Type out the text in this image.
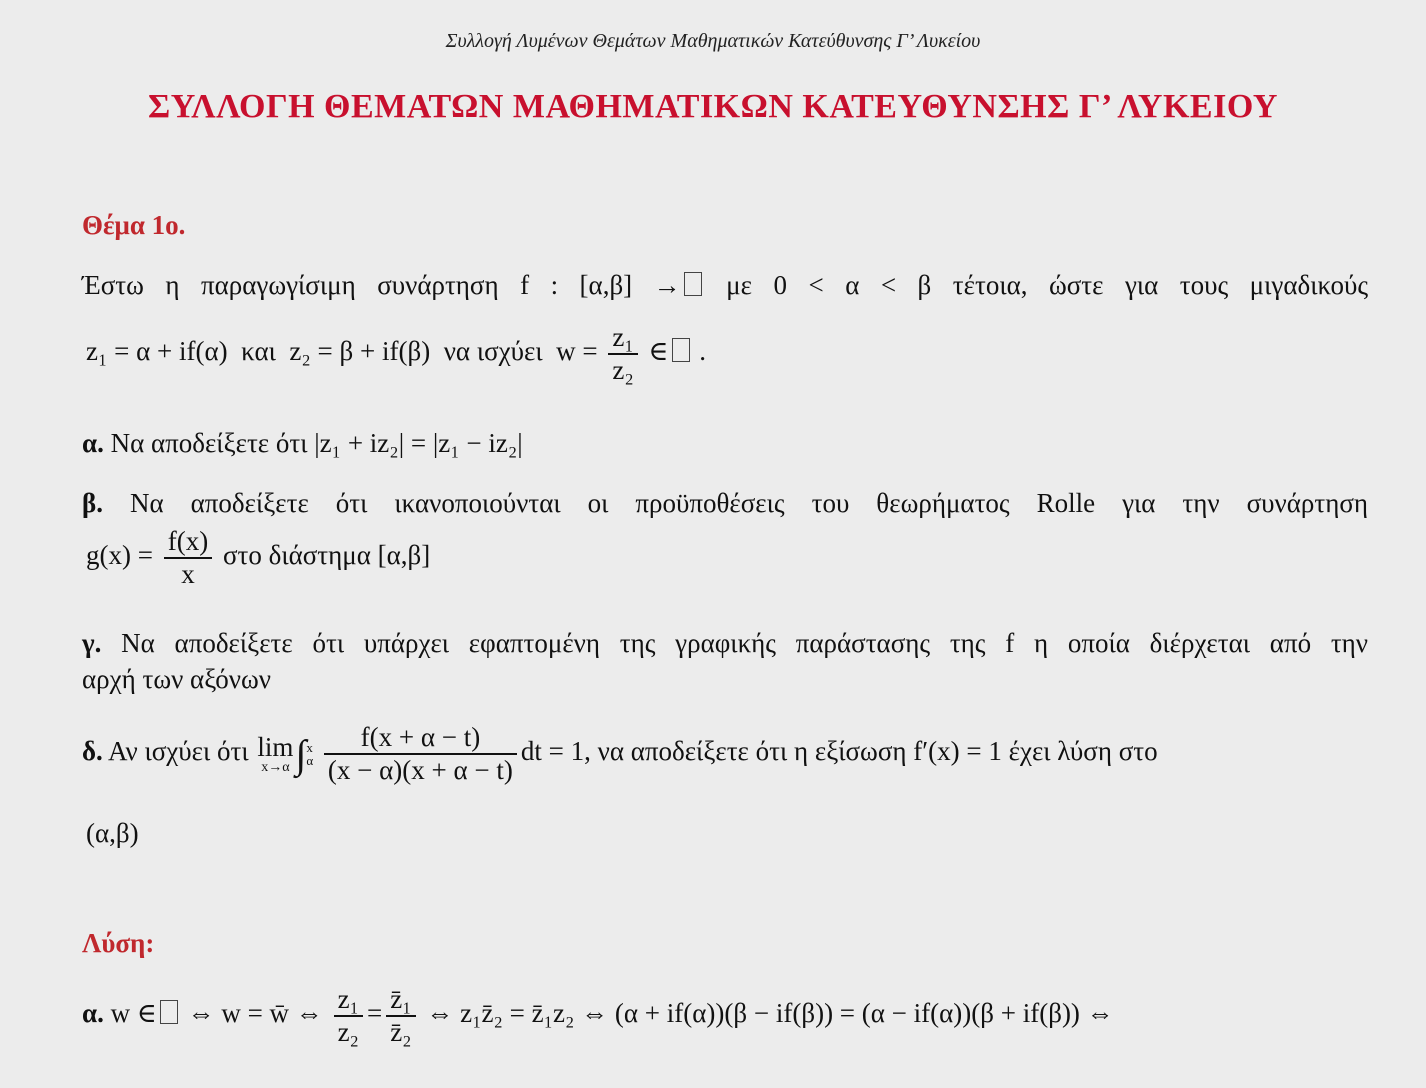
Συλλογή Λυμένων Θεμάτων Μαθηματικών Κατεύθυνσης Γ’ Λυκείου
ΣΥΛΛΟΓΗ ΘΕΜΑΤΩΝ ΜΑΘΗΜΑΤΙΚΩΝ ΚΑΤΕΥΘΥΝΣΗΣ Γ’ ΛΥΚΕΙΟΥ
Θέμα 1ο.
Έστω η παραγωγίσιμη συνάρτηση f : [α,β] → με 0 < α < β τέτοια, ώστε για τους μιγαδικούς
z₁ = α + if(α) και z₂ = β + if(β) να ισχύει $w = \frac{\text{z₁}}{\text{z₂}}$ ∈ .
α. Να αποδείξετε ότι |z₁ + iz₂| = |z₁ − iz₂|
β. Να αποδείξετε ότι ικανοποιούνται οι προϋποθέσεις του θεωρήματος Rolle για την συνάρτηση
$g(x) = \frac{f(x)}{x}$ στο διάστημα [α,β]
γ. Να αποδείξετε ότι υπάρχει εφαπτομένη της γραφικής παράστασης της f η οποία διέρχεται από την
αρχή των αξόνων
δ. Αν ισχύει ότι lim
x→α ∫ x
α
$\frac{f(x + \alpha - t)}{(x - \alpha)(x + \alpha - t)}$ dt = 1, να αποδείξετε ότι η εξίσωση f′(x) = 1 έχει λύση στο
(α,β)
Λύση:
α. w ∈ ⇔ w = w̄ ⇔ $\frac{\text{z₁}}{\text{z₂}} = \frac{\text{z̄₁}}{\text{z̄₂}}$ ⇔ z₁z̄₂ = z̄₁z₂ ⇔ (α + if(α))(β − if(β)) = (α − if(α))(β + if(β)) ⇔
